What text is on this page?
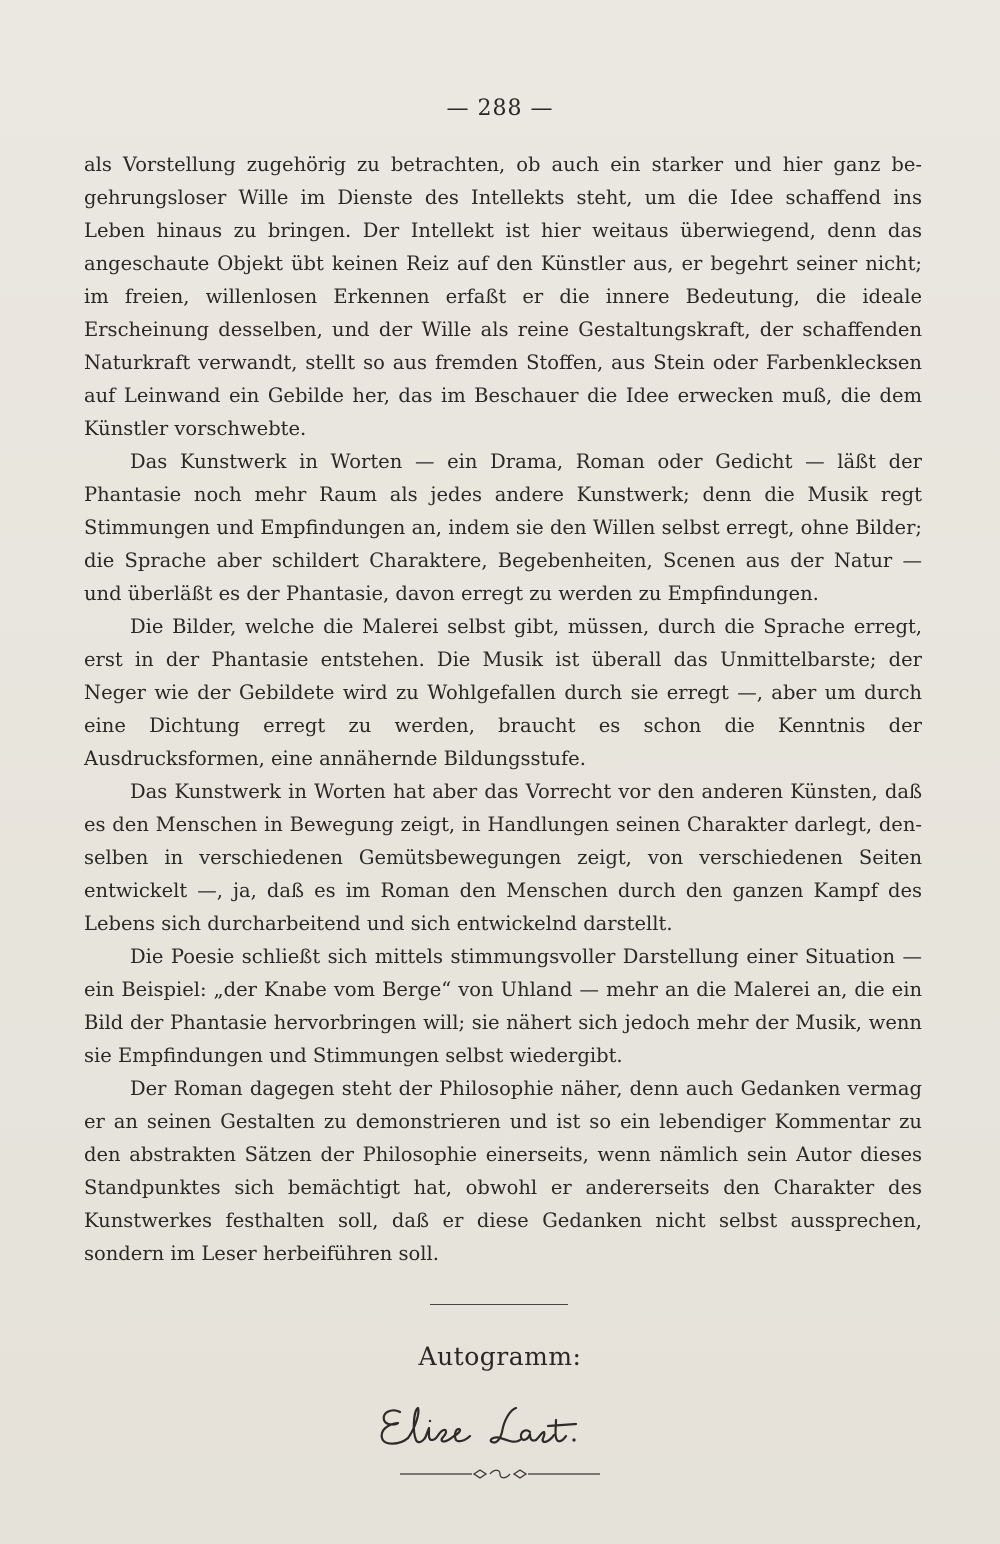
— 288 —

als Vorstellung zugehörig zu betrachten, ob auch ein starker und hier ganz begehrungsloser Wille im Dienste des Intellekts steht, um die Idee schaffend ins Leben hinaus zu bringen. Der Intellekt ist hier weitaus überwiegend, denn das angeschaute Objekt übt keinen Reiz auf den Künstler aus, er begehrt seiner nicht; im freien, willenlosen Erkennen erfaßt er die innere Bedeutung, die ideale Erscheinung desselben, und der Wille als reine Gestaltungskraft, der schaffenden Naturkraft verwandt, stellt so aus fremden Stoffen, aus Stein oder Farbenklecksen auf Leinwand ein Gebilde her, das im Beschauer die Idee erwecken muß, die dem Künstler vorschwebte.

Das Kunstwerk in Worten — ein Drama, Roman oder Gedicht — läßt der Phantasie noch mehr Raum als jedes andere Kunstwerk; denn die Musik regt Stimmungen und Empfindungen an, indem sie den Willen selbst erregt, ohne Bilder; die Sprache aber schildert Charaktere, Begebenheiten, Scenen aus der Natur — und überläßt es der Phantasie, davon erregt zu werden zu Empfindungen.

Die Bilder, welche die Malerei selbst gibt, müssen, durch die Sprache erregt, erst in der Phantasie entstehen. Die Musik ist überall das Unmittelbarste; der Neger wie der Gebildete wird zu Wohlgefallen durch sie erregt —, aber um durch eine Dichtung erregt zu werden, braucht es schon die Kenntnis der Ausdrucksformen, eine annähernde Bildungsstufe.

Das Kunstwerk in Worten hat aber das Vorrecht vor den anderen Künsten, daß es den Menschen in Bewegung zeigt, in Handlungen seinen Charakter darlegt, denselben in verschiedenen Gemütsbewegungen zeigt, von verschiedenen Seiten entwickelt —, ja, daß es im Roman den Menschen durch den ganzen Kampf des Lebens sich durcharbeitend und sich entwickelnd darstellt.

Die Poesie schließt sich mittels stimmungsvoller Darstellung einer Situation — ein Beispiel: „der Knabe vom Berge“ von Uhland — mehr an die Malerei an, die ein Bild der Phantasie hervorbringen will; sie nähert sich jedoch mehr der Musik, wenn sie Empfindungen und Stimmungen selbst wiedergibt.

Der Roman dagegen steht der Philosophie näher, denn auch Gedanken vermag er an seinen Gestalten zu demonstrieren und ist so ein lebendiger Kommentar zu den abstrakten Sätzen der Philosophie einerseits, wenn nämlich sein Autor dieses Standpunktes sich bemächtigt hat, obwohl er andererseits den Charakter des Kunstwerkes festhalten soll, daß er diese Gedanken nicht selbst aussprechen, sondern im Leser herbeiführen soll.

Autogramm:
